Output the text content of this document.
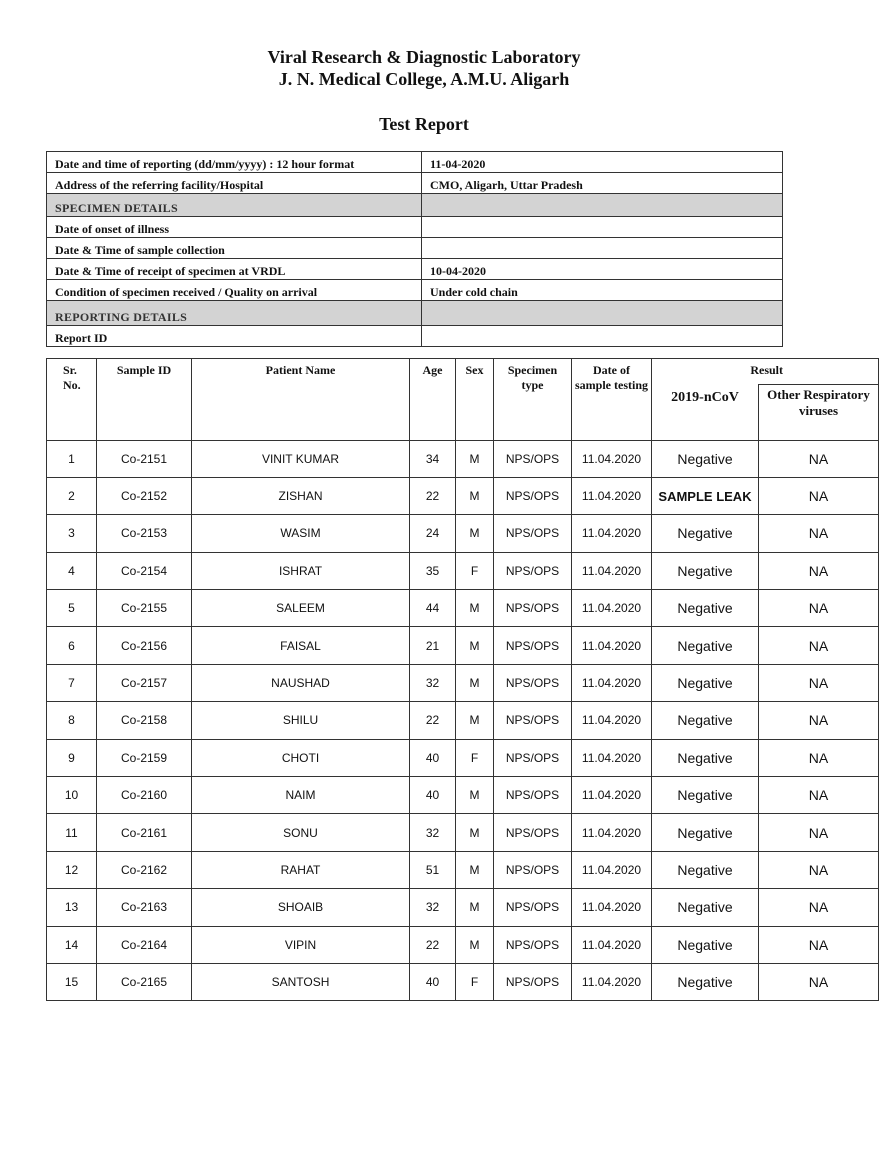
Viral Research & Diagnostic Laboratory
J. N. Medical College, A.M.U. Aligarh
Test Report
Date and time of reporting (dd/mm/yyyy) : 12 hour format	11-04-2020
Address of the referring facility/Hospital	CMO, Aligarh, Uttar Pradesh
SPECIMEN DETAILS	
Date of onset of illness	
Date & Time of sample collection	
Date & Time of receipt of specimen at VRDL	10-04-2020
Condition of specimen received / Quality on arrival	Under cold chain
REPORTING DETAILS	
Report ID	
Sr. No.	Sample ID	Patient Name	Age	Sex	Specimen type	Date of sample testing	Result	
							2019-nCoV	Other Respiratory viruses
1	Co-2151	VINIT KUMAR	34	M	NPS/OPS	11.04.2020	Negative	NA
2	Co-2152	ZISHAN	22	M	NPS/OPS	11.04.2020	SAMPLE LEAK	NA
3	Co-2153	WASIM	24	M	NPS/OPS	11.04.2020	Negative	NA
4	Co-2154	ISHRAT	35	F	NPS/OPS	11.04.2020	Negative	NA
5	Co-2155	SALEEM	44	M	NPS/OPS	11.04.2020	Negative	NA
6	Co-2156	FAISAL	21	M	NPS/OPS	11.04.2020	Negative	NA
7	Co-2157	NAUSHAD	32	M	NPS/OPS	11.04.2020	Negative	NA
8	Co-2158	SHILU	22	M	NPS/OPS	11.04.2020	Negative	NA
9	Co-2159	CHOTI	40	F	NPS/OPS	11.04.2020	Negative	NA
10	Co-2160	NAIM	40	M	NPS/OPS	11.04.2020	Negative	NA
11	Co-2161	SONU	32	M	NPS/OPS	11.04.2020	Negative	NA
12	Co-2162	RAHAT	51	M	NPS/OPS	11.04.2020	Negative	NA
13	Co-2163	SHOAIB	32	M	NPS/OPS	11.04.2020	Negative	NA
14	Co-2164	VIPIN	22	M	NPS/OPS	11.04.2020	Negative	NA
15	Co-2165	SANTOSH	40	F	NPS/OPS	11.04.2020	Negative	NA
